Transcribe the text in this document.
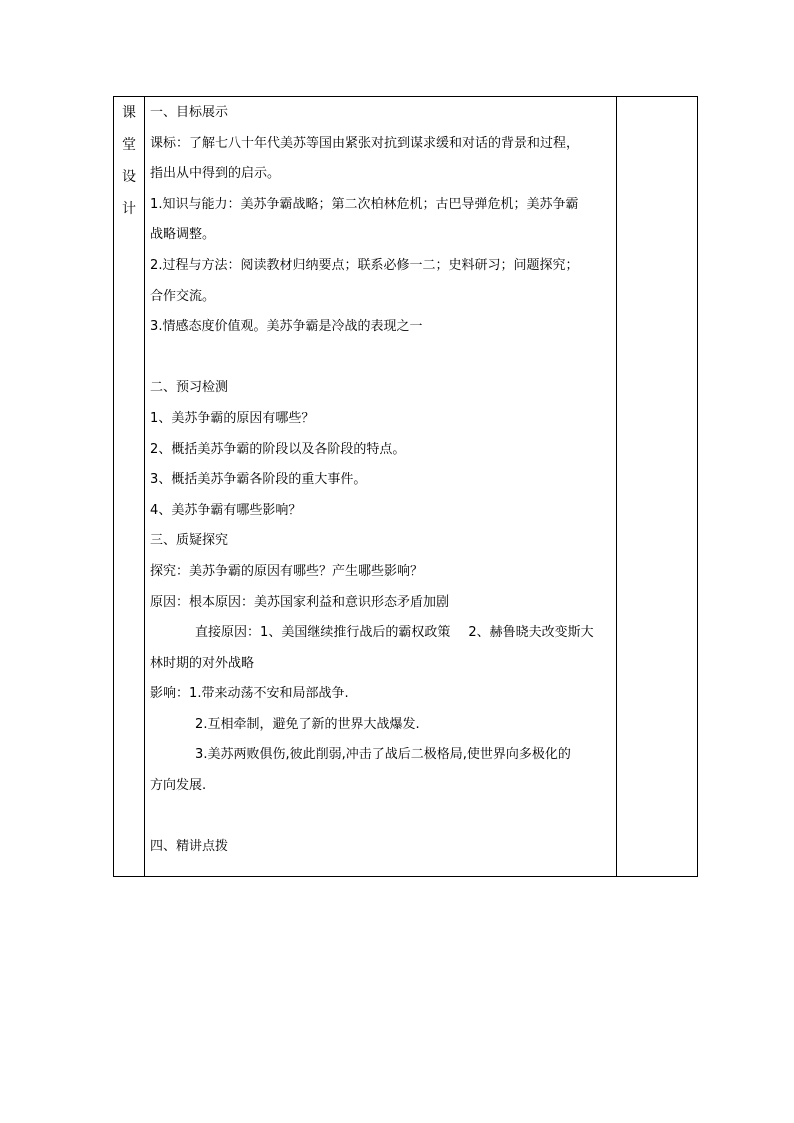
课
堂
设
计

一、目标展示
课标：了解七八十年代美苏等国由紧张对抗到谋求缓和对话的背景和过程，
指出从中得到的启示。
1.知识与能力：美苏争霸战略；第二次柏林危机；古巴导弹危机；美苏争霸
战略调整。
2.过程与方法：阅读教材归纳要点；联系必修一二；史料研习；问题探究；
合作交流。
3.情感态度价值观。美苏争霸是冷战的表现之一
二、预习检测
1、美苏争霸的原因有哪些？
2、概括美苏争霸的阶段以及各阶段的特点。
3、概括美苏争霸各阶段的重大事件。
4、美苏争霸有哪些影响？
三、质疑探究
探究：美苏争霸的原因有哪些？产生哪些影响？
原因：根本原因：美苏国家利益和意识形态矛盾加剧
直接原因：1、美国继续推行战后的霸权政策 2、赫鲁晓夫改变斯大
林时期的对外战略
影响：1.带来动荡不安和局部战争.
2.互相牵制，避免了新的世界大战爆发.
3.美苏两败俱伤,彼此削弱,冲击了战后二极格局,使世界向多极化的
方向发展.
四、精讲点拨
